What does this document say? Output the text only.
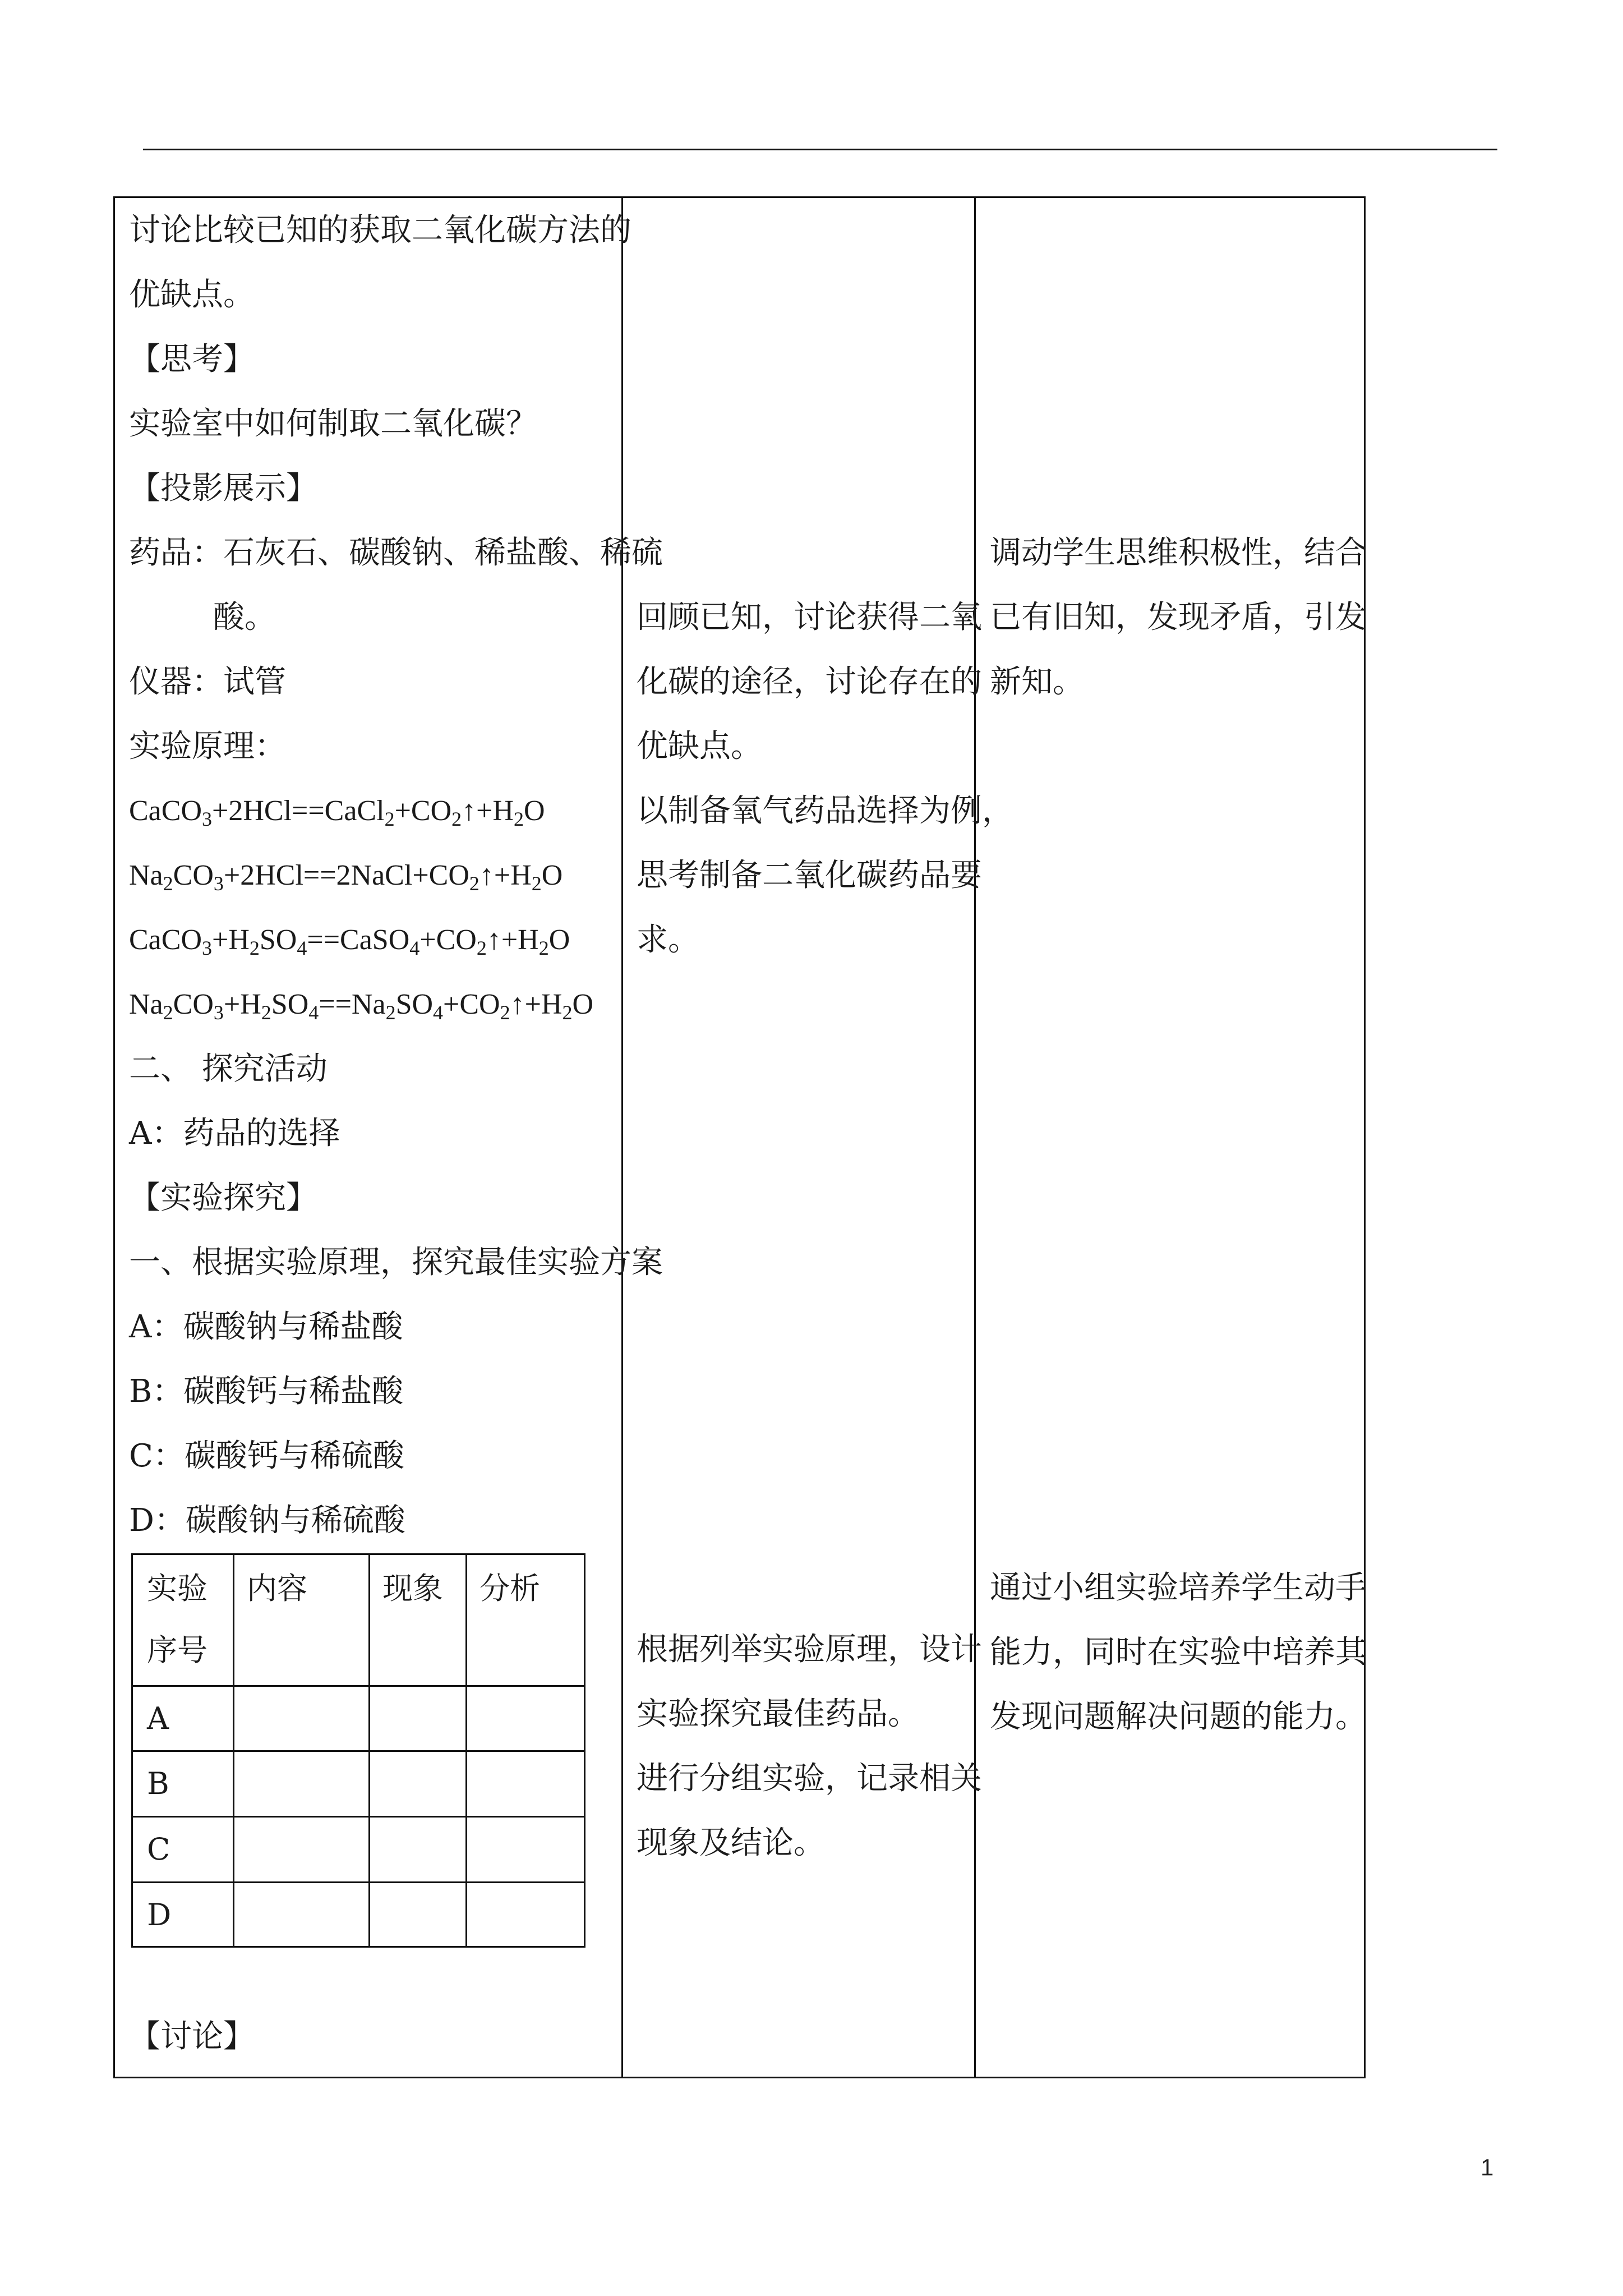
讨论比较已知的获取二氧化碳方法的
优缺点。
【思考】
实验室中如何制取二氧化碳？
【投影展示】
药品：石灰石、碳酸钠、稀盐酸、稀硫
酸。
仪器：试管
实验原理：
$CaCO_3+2HCl==CaCl_2+CO_2↑+H_2O$
$Na_2CO_3+2HCl==2NaCl+CO_2↑+H_2O$
$CaCO_3+H_2SO_4==CaSO_4+CO_2↑+H_2O$
$Na_2CO_3+H_2SO_4==Na_2SO_4+CO_2↑+H_2O$
二、 探究活动
A：药品的选择
【实验探究】
一、根据实验原理，探究最佳实验方案
A：碳酸钠与稀盐酸
B：碳酸钙与稀盐酸
C：碳酸钙与稀硫酸
D：碳酸钠与稀硫酸
实验
序号
内容 现象 分析
A
B
C
D
【讨论】
回顾已知，讨论获得二氧
化碳的途径，讨论存在的
优缺点。
以制备氧气药品选择为例，
思考制备二氧化碳药品要
求。
根据列举实验原理，设计
实验探究最佳药品。
进行分组实验，记录相关
现象及结论。
调动学生思维积极性，结合
已有旧知，发现矛盾，引发
新知。
通过小组实验培养学生动手
能力，同时在实验中培养其
发现问题解决问题的能力。
1
